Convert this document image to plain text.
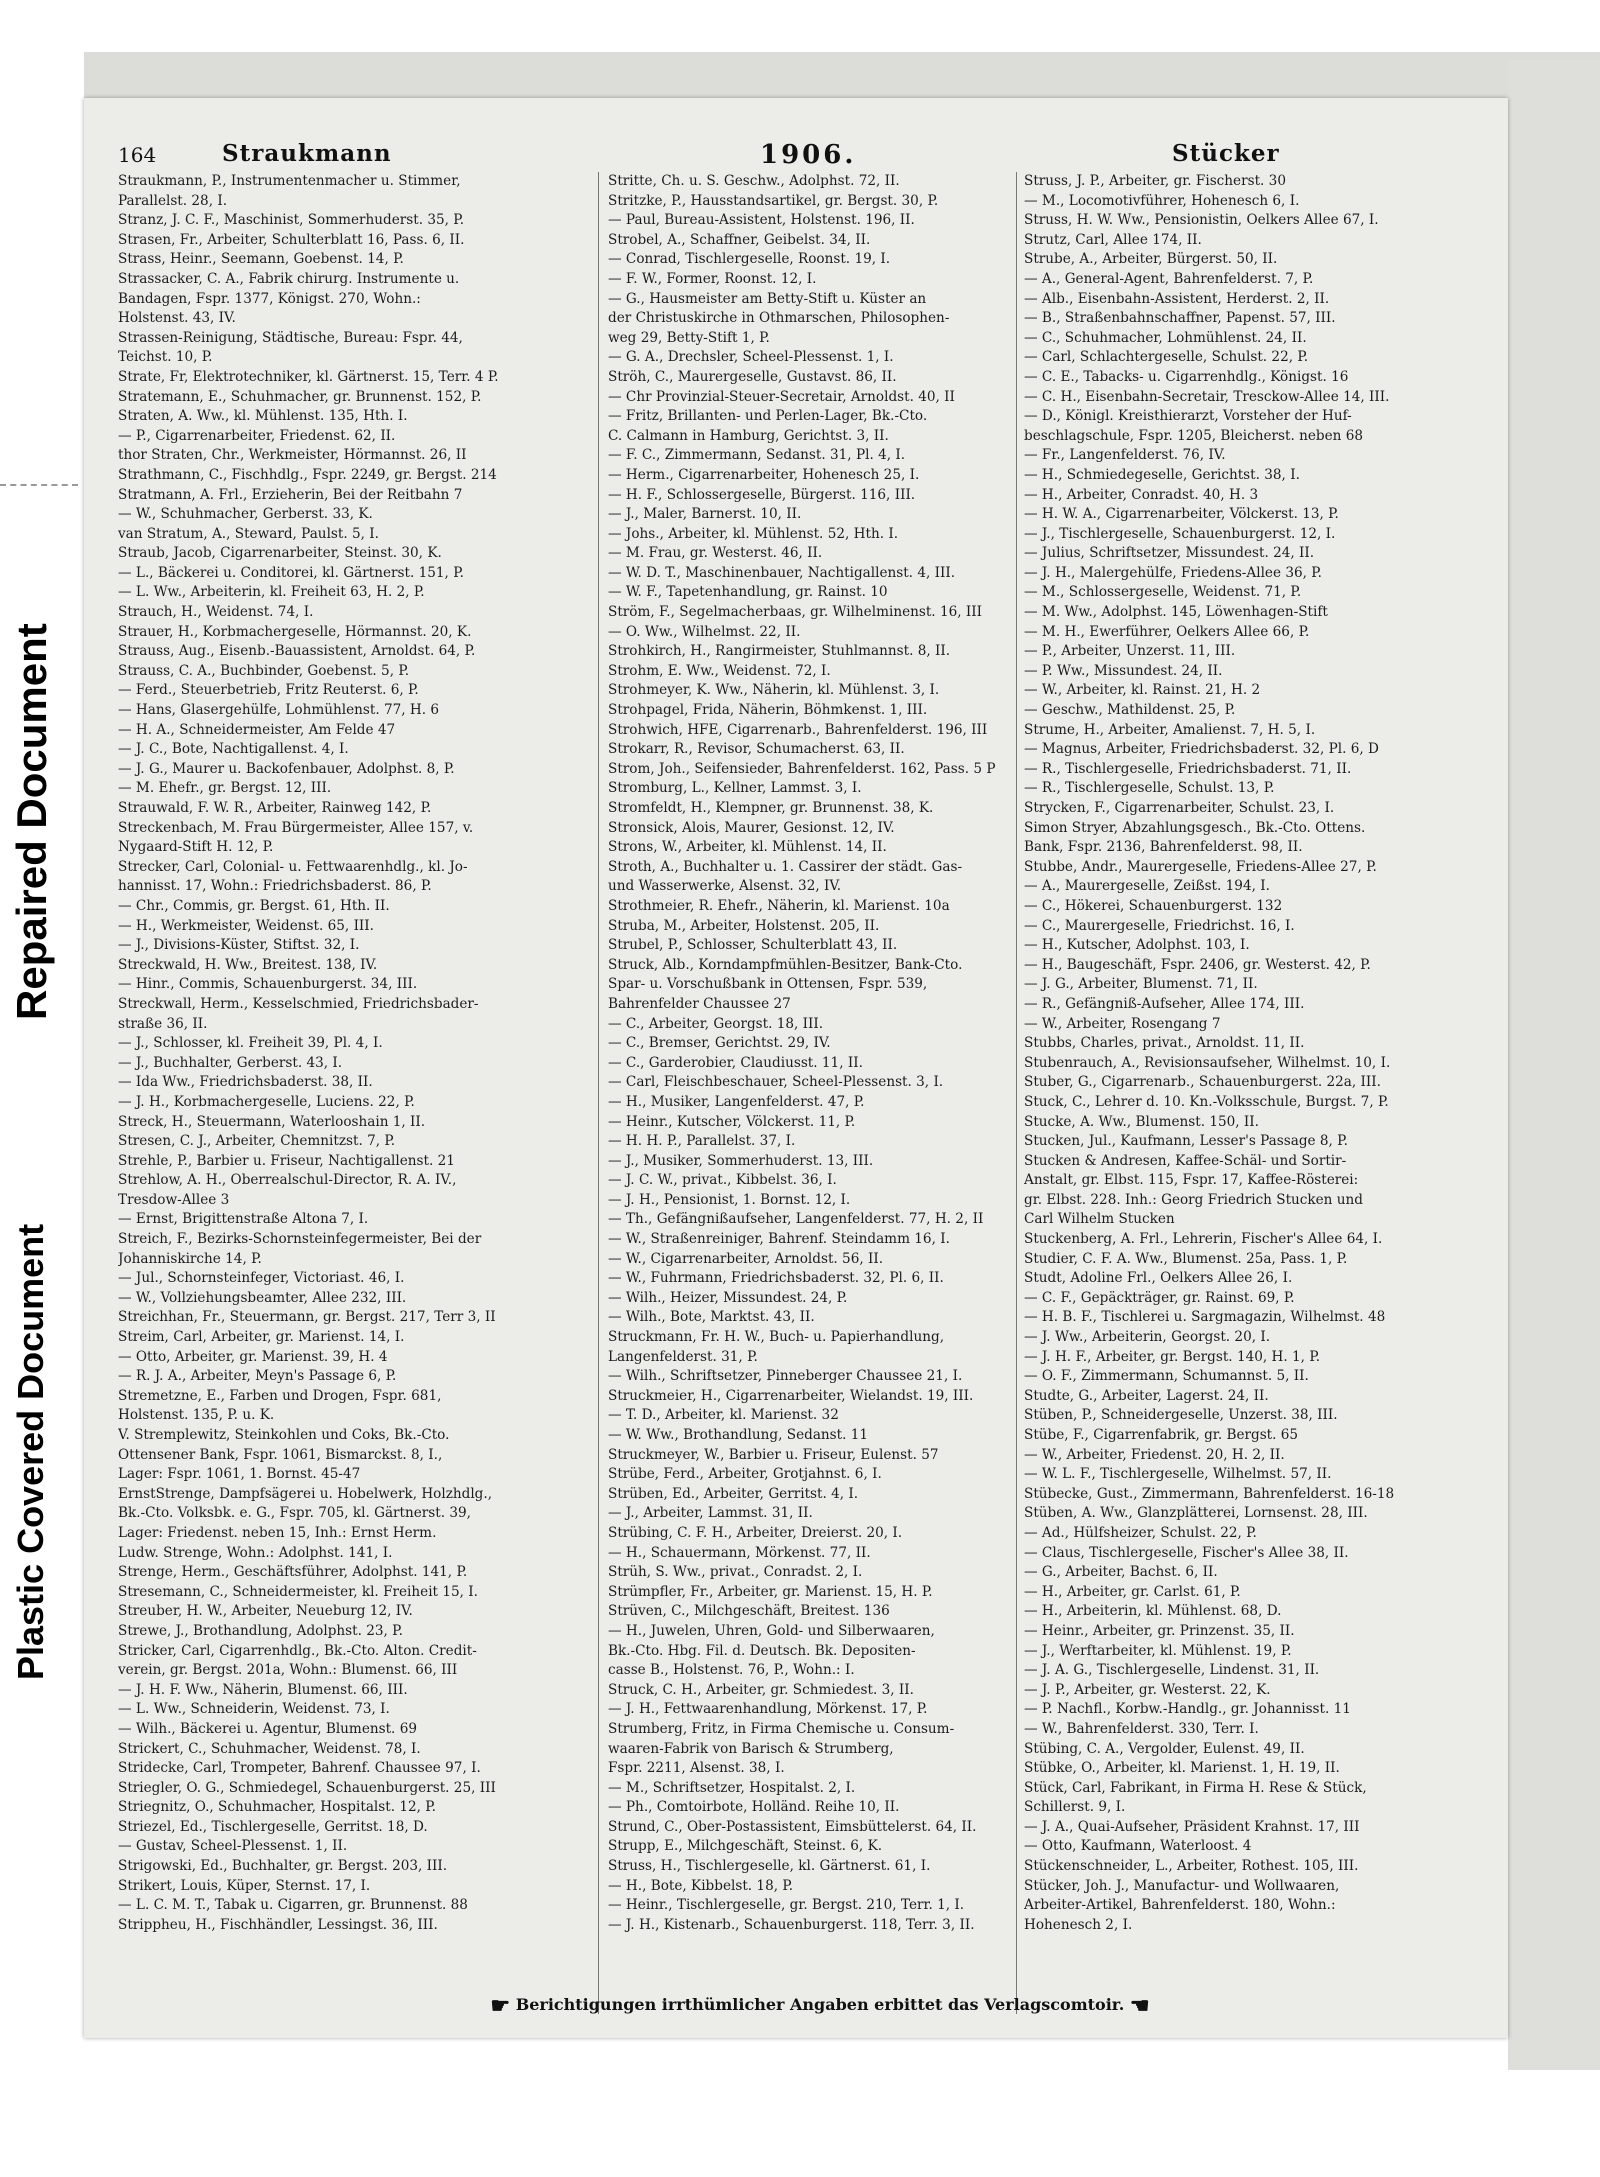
Repaired Document
Plastic Covered Document
164	Straukmann	1906.	Stücker
Straukmann, P., Instrumentenmacher u. Stimmer,
Parallelst. 28, I.
Stranz, J. C. F., Maschinist, Sommerhuderst. 35, P.
Strasen, Fr., Arbeiter, Schulterblatt 16, Pass. 6, II.
Strass, Heinr., Seemann, Goebenst. 14, P.
Strassacker, C. A., Fabrik chirurg. Instrumente u.
Bandagen, Fspr. 1377, Königst. 270, Wohn.:
Holstenst. 43, IV.
Strassen-Reinigung, Städtische, Bureau: Fspr. 44,
Teichst. 10, P.
Strate, Fr, Elektrotechniker, kl. Gärtnerst. 15, Terr. 4 P.
Stratemann, E., Schuhmacher, gr. Brunnenst. 152, P.
Straten, A. Ww., kl. Mühlenst. 135, Hth. I.
— P., Cigarrenarbeiter, Friedenst. 62, II.
thor Straten, Chr., Werkmeister, Hörmannst. 26, II
Strathmann, C., Fischhdlg., Fspr. 2249, gr. Bergst. 214
Stratmann, A. Frl., Erzieherin, Bei der Reitbahn 7
— W., Schuhmacher, Gerberst. 33, K.
van Stratum, A., Steward, Paulst. 5, I.
Straub, Jacob, Cigarrenarbeiter, Steinst. 30, K.
— L., Bäckerei u. Conditorei, kl. Gärtnerst. 151, P.
— L. Ww., Arbeiterin, kl. Freiheit 63, H. 2, P.
Strauch, H., Weidenst. 74, I.
Strauer, H., Korbmachergeselle, Hörmannst. 20, K.
Strauss, Aug., Eisenb.-Bauassistent, Arnoldst. 64, P.
Strauss, C. A., Buchbinder, Goebenst. 5, P.
— Ferd., Steuerbetrieb, Fritz Reuterst. 6, P.
— Hans, Glasergehülfe, Lohmühlenst. 77, H. 6
— H. A., Schneidermeister, Am Felde 47
— J. C., Bote, Nachtigallenst. 4, I.
— J. G., Maurer u. Backofenbauer, Adolphst. 8, P.
— M. Ehefr., gr. Bergst. 12, III.
Strauwald, F. W. R., Arbeiter, Rainweg 142, P.
Streckenbach, M. Frau Bürgermeister, Allee 157, v.
Nygaard-Stift H. 12, P.
Strecker, Carl, Colonial- u. Fettwaarenhdlg., kl. Jo-
hannisst. 17, Wohn.: Friedrichsbaderst. 86, P.
— Chr., Commis, gr. Bergst. 61, Hth. II.
— H., Werkmeister, Weidenst. 65, III.
— J., Divisions-Küster, Stiftst. 32, I.
Streckwald, H. Ww., Breitest. 138, IV.
— Hinr., Commis, Schauenburgerst. 34, III.
Streckwall, Herm., Kesselschmied, Friedrichsbader-
straße 36, II.
— J., Schlosser, kl. Freiheit 39, Pl. 4, I.
— J., Buchhalter, Gerberst. 43, I.
— Ida Ww., Friedrichsbaderst. 38, II.
— J. H., Korbmachergeselle, Luciens. 22, P.
Streck, H., Steuermann, Waterlooshain 1, II.
Stresen, C. J., Arbeiter, Chemnitzst. 7, P.
Strehle, P., Barbier u. Friseur, Nachtigallenst. 21
Strehlow, A. H., Oberrealschul-Director, R. A. IV.,
Tresdow-Allee 3
— Ernst, Brigittenstraße Altona 7, I.
Streich, F., Bezirks-Schornsteinfegermeister, Bei der
Johanniskirche 14, P.
— Jul., Schornsteinfeger, Victoriast. 46, I.
— W., Vollziehungsbeamter, Allee 232, III.
Streichhan, Fr., Steuermann, gr. Bergst. 217, Terr 3, II
Streim, Carl, Arbeiter, gr. Marienst. 14, I.
— Otto, Arbeiter, gr. Marienst. 39, H. 4
— R. J. A., Arbeiter, Meyn's Passage 6, P.
Stremetzne, E., Farben und Drogen, Fspr. 681,
Holstenst. 135, P. u. K.
V. Stremplewitz, Steinkohlen und Coks, Bk.-Cto.
Ottensener Bank, Fspr. 1061, Bismarckst. 8, I.,
Lager: Fspr. 1061, 1. Bornst. 45-47
ErnstStrenge, Dampfsägerei u. Hobelwerk, Holzhdlg.,
Bk.-Cto. Volksbk. e. G., Fspr. 705, kl. Gärtnerst. 39,
Lager: Friedenst. neben 15, Inh.: Ernst Herm.
Ludw. Strenge, Wohn.: Adolphst. 141, I.
Strenge, Herm., Geschäftsführer, Adolphst. 141, P.
Stresemann, C., Schneidermeister, kl. Freiheit 15, I.
Streuber, H. W., Arbeiter, Neueburg 12, IV.
Strewe, J., Brothandlung, Adolphst. 23, P.
Stricker, Carl, Cigarrenhdlg., Bk.-Cto. Alton. Credit-
verein, gr. Bergst. 201a, Wohn.: Blumenst. 66, III
— J. H. F. Ww., Näherin, Blumenst. 66, III.
— L. Ww., Schneiderin, Weidenst. 73, I.
— Wilh., Bäckerei u. Agentur, Blumenst. 69
Strickert, C., Schuhmacher, Weidenst. 78, I.
Stridecke, Carl, Trompeter, Bahrenf. Chaussee 97, I.
Striegler, O. G., Schmiedegel, Schauenburgerst. 25, III
Striegnitz, O., Schuhmacher, Hospitalst. 12, P.
Striezel, Ed., Tischlergeselle, Gerritst. 18, D.
— Gustav, Scheel-Plessenst. 1, II.
Strigowski, Ed., Buchhalter, gr. Bergst. 203, III.
Strikert, Louis, Küper, Sternst. 17, I.
— L. C. M. T., Tabak u. Cigarren, gr. Brunnenst. 88
Strippheu, H., Fischhändler, Lessingst. 36, III.
Stritte, Ch. u. S. Geschw., Adolphst. 72, II.
Stritzke, P., Hausstandsartikel, gr. Bergst. 30, P.
— Paul, Bureau-Assistent, Holstenst. 196, II.
Strobel, A., Schaffner, Geibelst. 34, II.
— Conrad, Tischlergeselle, Roonst. 19, I.
— F. W., Former, Roonst. 12, I.
— G., Hausmeister am Betty-Stift u. Küster an
der Christuskirche in Othmarschen, Philosophen-
weg 29, Betty-Stift 1, P.
— G. A., Drechsler, Scheel-Plessenst. 1, I.
Ströh, C., Maurergeselle, Gustavst. 86, II.
— Chr Provinzial-Steuer-Secretair, Arnoldst. 40, II
— Fritz, Brillanten- und Perlen-Lager, Bk.-Cto.
C. Calmann in Hamburg, Gerichtst. 3, II.
— F. C., Zimmermann, Sedanst. 31, Pl. 4, I.
— Herm., Cigarrenarbeiter, Hohenesch 25, I.
— H. F., Schlossergeselle, Bürgerst. 116, III.
— J., Maler, Barnerst. 10, II.
— Johs., Arbeiter, kl. Mühlenst. 52, Hth. I.
— M. Frau, gr. Westerst. 46, II.
— W. D. T., Maschinenbauer, Nachtigallenst. 4, III.
— W. F., Tapetenhandlung, gr. Rainst. 10
Ström, F., Segelmacherbaas, gr. Wilhelminenst. 16, III
— O. Ww., Wilhelmst. 22, II.
Strohkirch, H., Rangirmeister, Stuhlmannst. 8, II.
Strohm, E. Ww., Weidenst. 72, I.
Strohmeyer, K. Ww., Näherin, kl. Mühlenst. 3, I.
Strohpagel, Frida, Näherin, Böhmkenst. 1, III.
Strohwich, HFE, Cigarrenarb., Bahrenfelderst. 196, III
Strokarr, R., Revisor, Schumacherst. 63, II.
Strom, Joh., Seifensieder, Bahrenfelderst. 162, Pass. 5 P
Stromburg, L., Kellner, Lammst. 3, I.
Stromfeldt, H., Klempner, gr. Brunnenst. 38, K.
Stronsick, Alois, Maurer, Gesionst. 12, IV.
Strons, W., Arbeiter, kl. Mühlenst. 14, II.
Stroth, A., Buchhalter u. 1. Cassirer der städt. Gas-
und Wasserwerke, Alsenst. 32, IV.
Strothmeier, R. Ehefr., Näherin, kl. Marienst. 10a
Struba, M., Arbeiter, Holstenst. 205, II.
Strubel, P., Schlosser, Schulterblatt 43, II.
Struck, Alb., Korndampfmühlen-Besitzer, Bank-Cto.
Spar- u. Vorschußbank in Ottensen, Fspr. 539,
Bahrenfelder Chaussee 27
— C., Arbeiter, Georgst. 18, III.
— C., Bremser, Gerichtst. 29, IV.
— C., Garderobier, Claudiusst. 11, II.
— Carl, Fleischbeschauer, Scheel-Plessenst. 3, I.
— H., Musiker, Langenfelderst. 47, P.
— Heinr., Kutscher, Völckerst. 11, P.
— H. H. P., Parallelst. 37, I.
— J., Musiker, Sommerhuderst. 13, III.
— J. C. W., privat., Kibbelst. 36, I.
— J. H., Pensionist, 1. Bornst. 12, I.
— Th., Gefängnißaufseher, Langenfelderst. 77, H. 2, II
— W., Straßenreiniger, Bahrenf. Steindamm 16, I.
— W., Cigarrenarbeiter, Arnoldst. 56, II.
— W., Fuhrmann, Friedrichsbaderst. 32, Pl. 6, II.
— Wilh., Heizer, Missundest. 24, P.
— Wilh., Bote, Marktst. 43, II.
Struckmann, Fr. H. W., Buch- u. Papierhandlung,
Langenfelderst. 31, P.
— Wilh., Schriftsetzer, Pinneberger Chaussee 21, I.
Struckmeier, H., Cigarrenarbeiter, Wielandst. 19, III.
— T. D., Arbeiter, kl. Marienst. 32
— W. Ww., Brothandlung, Sedanst. 11
Struckmeyer, W., Barbier u. Friseur, Eulenst. 57
Strübe, Ferd., Arbeiter, Grotjahnst. 6, I.
Strüben, Ed., Arbeiter, Gerritst. 4, I.
— J., Arbeiter, Lammst. 31, II.
Strübing, C. F. H., Arbeiter, Dreierst. 20, I.
— H., Schauermann, Mörkenst. 77, II.
Strüh, S. Ww., privat., Conradst. 2, I.
Strümpfler, Fr., Arbeiter, gr. Marienst. 15, H. P.
Strüven, C., Milchgeschäft, Breitest. 136
— H., Juwelen, Uhren, Gold- und Silberwaaren,
Bk.-Cto. Hbg. Fil. d. Deutsch. Bk. Depositen-
casse B., Holstenst. 76, P., Wohn.: I.
Struck, C. H., Arbeiter, gr. Schmiedest. 3, II.
— J. H., Fettwaarenhandlung, Mörkenst. 17, P.
Strumberg, Fritz, in Firma Chemische u. Consum-
waaren-Fabrik von Barisch & Strumberg,
Fspr. 2211, Alsenst. 38, I.
— M., Schriftsetzer, Hospitalst. 2, I.
— Ph., Comtoirbote, Holländ. Reihe 10, II.
Strund, C., Ober-Postassistent, Eimsbüttelerst. 64, II.
Strupp, E., Milchgeschäft, Steinst. 6, K.
Struss, H., Tischlergeselle, kl. Gärtnerst. 61, I.
— H., Bote, Kibbelst. 18, P.
— Heinr., Tischlergeselle, gr. Bergst. 210, Terr. 1, I.
— J. H., Kistenarb., Schauenburgerst. 118, Terr. 3, II.
Struss, J. P., Arbeiter, gr. Fischerst. 30
— M., Locomotivführer, Hohenesch 6, I.
Struss, H. W. Ww., Pensionistin, Oelkers Allee 67, I.
Strutz, Carl, Allee 174, II.
Strube, A., Arbeiter, Bürgerst. 50, II.
— A., General-Agent, Bahrenfelderst. 7, P.
— Alb., Eisenbahn-Assistent, Herderst. 2, II.
— B., Straßenbahnschaffner, Papenst. 57, III.
— C., Schuhmacher, Lohmühlenst. 24, II.
— Carl, Schlachtergeselle, Schulst. 22, P.
— C. E., Tabacks- u. Cigarrenhdlg., Königst. 16
— C. H., Eisenbahn-Secretair, Tresckow-Allee 14, III.
— D., Königl. Kreisthierarzt, Vorsteher der Huf-
beschlagschule, Fspr. 1205, Bleicherst. neben 68
— Fr., Langenfelderst. 76, IV.
— H., Schmiedegeselle, Gerichtst. 38, I.
— H., Arbeiter, Conradst. 40, H. 3
— H. W. A., Cigarrenarbeiter, Völckerst. 13, P.
— J., Tischlergeselle, Schauenburgerst. 12, I.
— Julius, Schriftsetzer, Missundest. 24, II.
— J. H., Malergehülfe, Friedens-Allee 36, P.
— M., Schlossergeselle, Weidenst. 71, P.
— M. Ww., Adolphst. 145, Löwenhagen-Stift
— M. H., Ewerführer, Oelkers Allee 66, P.
— P., Arbeiter, Unzerst. 11, III.
— P. Ww., Missundest. 24, II.
— W., Arbeiter, kl. Rainst. 21, H. 2
— Geschw., Mathildenst. 25, P.
Strume, H., Arbeiter, Amalienst. 7, H. 5, I.
— Magnus, Arbeiter, Friedrichsbaderst. 32, Pl. 6, D
— R., Tischlergeselle, Friedrichsbaderst. 71, II.
— R., Tischlergeselle, Schulst. 13, P.
Strycken, F., Cigarrenarbeiter, Schulst. 23, I.
Simon Stryer, Abzahlungsgesch., Bk.-Cto. Ottens.
Bank, Fspr. 2136, Bahrenfelderst. 98, II.
Stubbe, Andr., Maurergeselle, Friedens-Allee 27, P.
— A., Maurergeselle, Zeißst. 194, I.
— C., Hökerei, Schauenburgerst. 132
— C., Maurergeselle, Friedrichst. 16, I.
— H., Kutscher, Adolphst. 103, I.
— H., Baugeschäft, Fspr. 2406, gr. Westerst. 42, P.
— J. G., Arbeiter, Blumenst. 71, II.
— R., Gefängniß-Aufseher, Allee 174, III.
— W., Arbeiter, Rosengang 7
Stubbs, Charles, privat., Arnoldst. 11, II.
Stubenrauch, A., Revisionsaufseher, Wilhelmst. 10, I.
Stuber, G., Cigarrenarb., Schauenburgerst. 22a, III.
Stuck, C., Lehrer d. 10. Kn.-Volksschule, Burgst. 7, P.
Stucke, A. Ww., Blumenst. 150, II.
Stucken, Jul., Kaufmann, Lesser's Passage 8, P.
Stucken & Andresen, Kaffee-Schäl- und Sortir-
Anstalt, gr. Elbst. 115, Fspr. 17, Kaffee-Rösterei:
gr. Elbst. 228. Inh.: Georg Friedrich Stucken und
Carl Wilhelm Stucken
Stuckenberg, A. Frl., Lehrerin, Fischer's Allee 64, I.
Studier, C. F. A. Ww., Blumenst. 25a, Pass. 1, P.
Studt, Adoline Frl., Oelkers Allee 26, I.
— C. F., Gepäckträger, gr. Rainst. 69, P.
— H. B. F., Tischlerei u. Sargmagazin, Wilhelmst. 48
— J. Ww., Arbeiterin, Georgst. 20, I.
— J. H. F., Arbeiter, gr. Bergst. 140, H. 1, P.
— O. F., Zimmermann, Schumannst. 5, II.
Studte, G., Arbeiter, Lagerst. 24, II.
Stüben, P., Schneidergeselle, Unzerst. 38, III.
Stübe, F., Cigarrenfabrik, gr. Bergst. 65
— W., Arbeiter, Friedenst. 20, H. 2, II.
— W. L. F., Tischlergeselle, Wilhelmst. 57, II.
Stübecke, Gust., Zimmermann, Bahrenfelderst. 16-18
Stüben, A. Ww., Glanzplätterei, Lornsenst. 28, III.
— Ad., Hülfsheizer, Schulst. 22, P.
— Claus, Tischlergeselle, Fischer's Allee 38, II.
— G., Arbeiter, Bachst. 6, II.
— H., Arbeiter, gr. Carlst. 61, P.
— H., Arbeiterin, kl. Mühlenst. 68, D.
— Heinr., Arbeiter, gr. Prinzenst. 35, II.
— J., Werftarbeiter, kl. Mühlenst. 19, P.
— J. A. G., Tischlergeselle, Lindenst. 31, II.
— J. P., Arbeiter, gr. Westerst. 22, K.
— P. Nachfl., Korbw.-Handlg., gr. Johannisst. 11
— W., Bahrenfelderst. 330, Terr. I.
Stübing, C. A., Vergolder, Eulenst. 49, II.
Stübke, O., Arbeiter, kl. Marienst. 1, H. 19, II.
Stück, Carl, Fabrikant, in Firma H. Rese & Stück,
Schillerst. 9, I.
— J. A., Quai-Aufseher, Präsident Krahnst. 17, III
— Otto, Kaufmann, Waterloost. 4
Stückenschneider, L., Arbeiter, Rothest. 105, III.
Stücker, Joh. J., Manufactur- und Wollwaaren,
Arbeiter-Artikel, Bahrenfelderst. 180, Wohn.:
Hohenesch 2, I.
☛ Berichtigungen irrthümlicher Angaben erbittet das Verlagscomtoir. ☚
